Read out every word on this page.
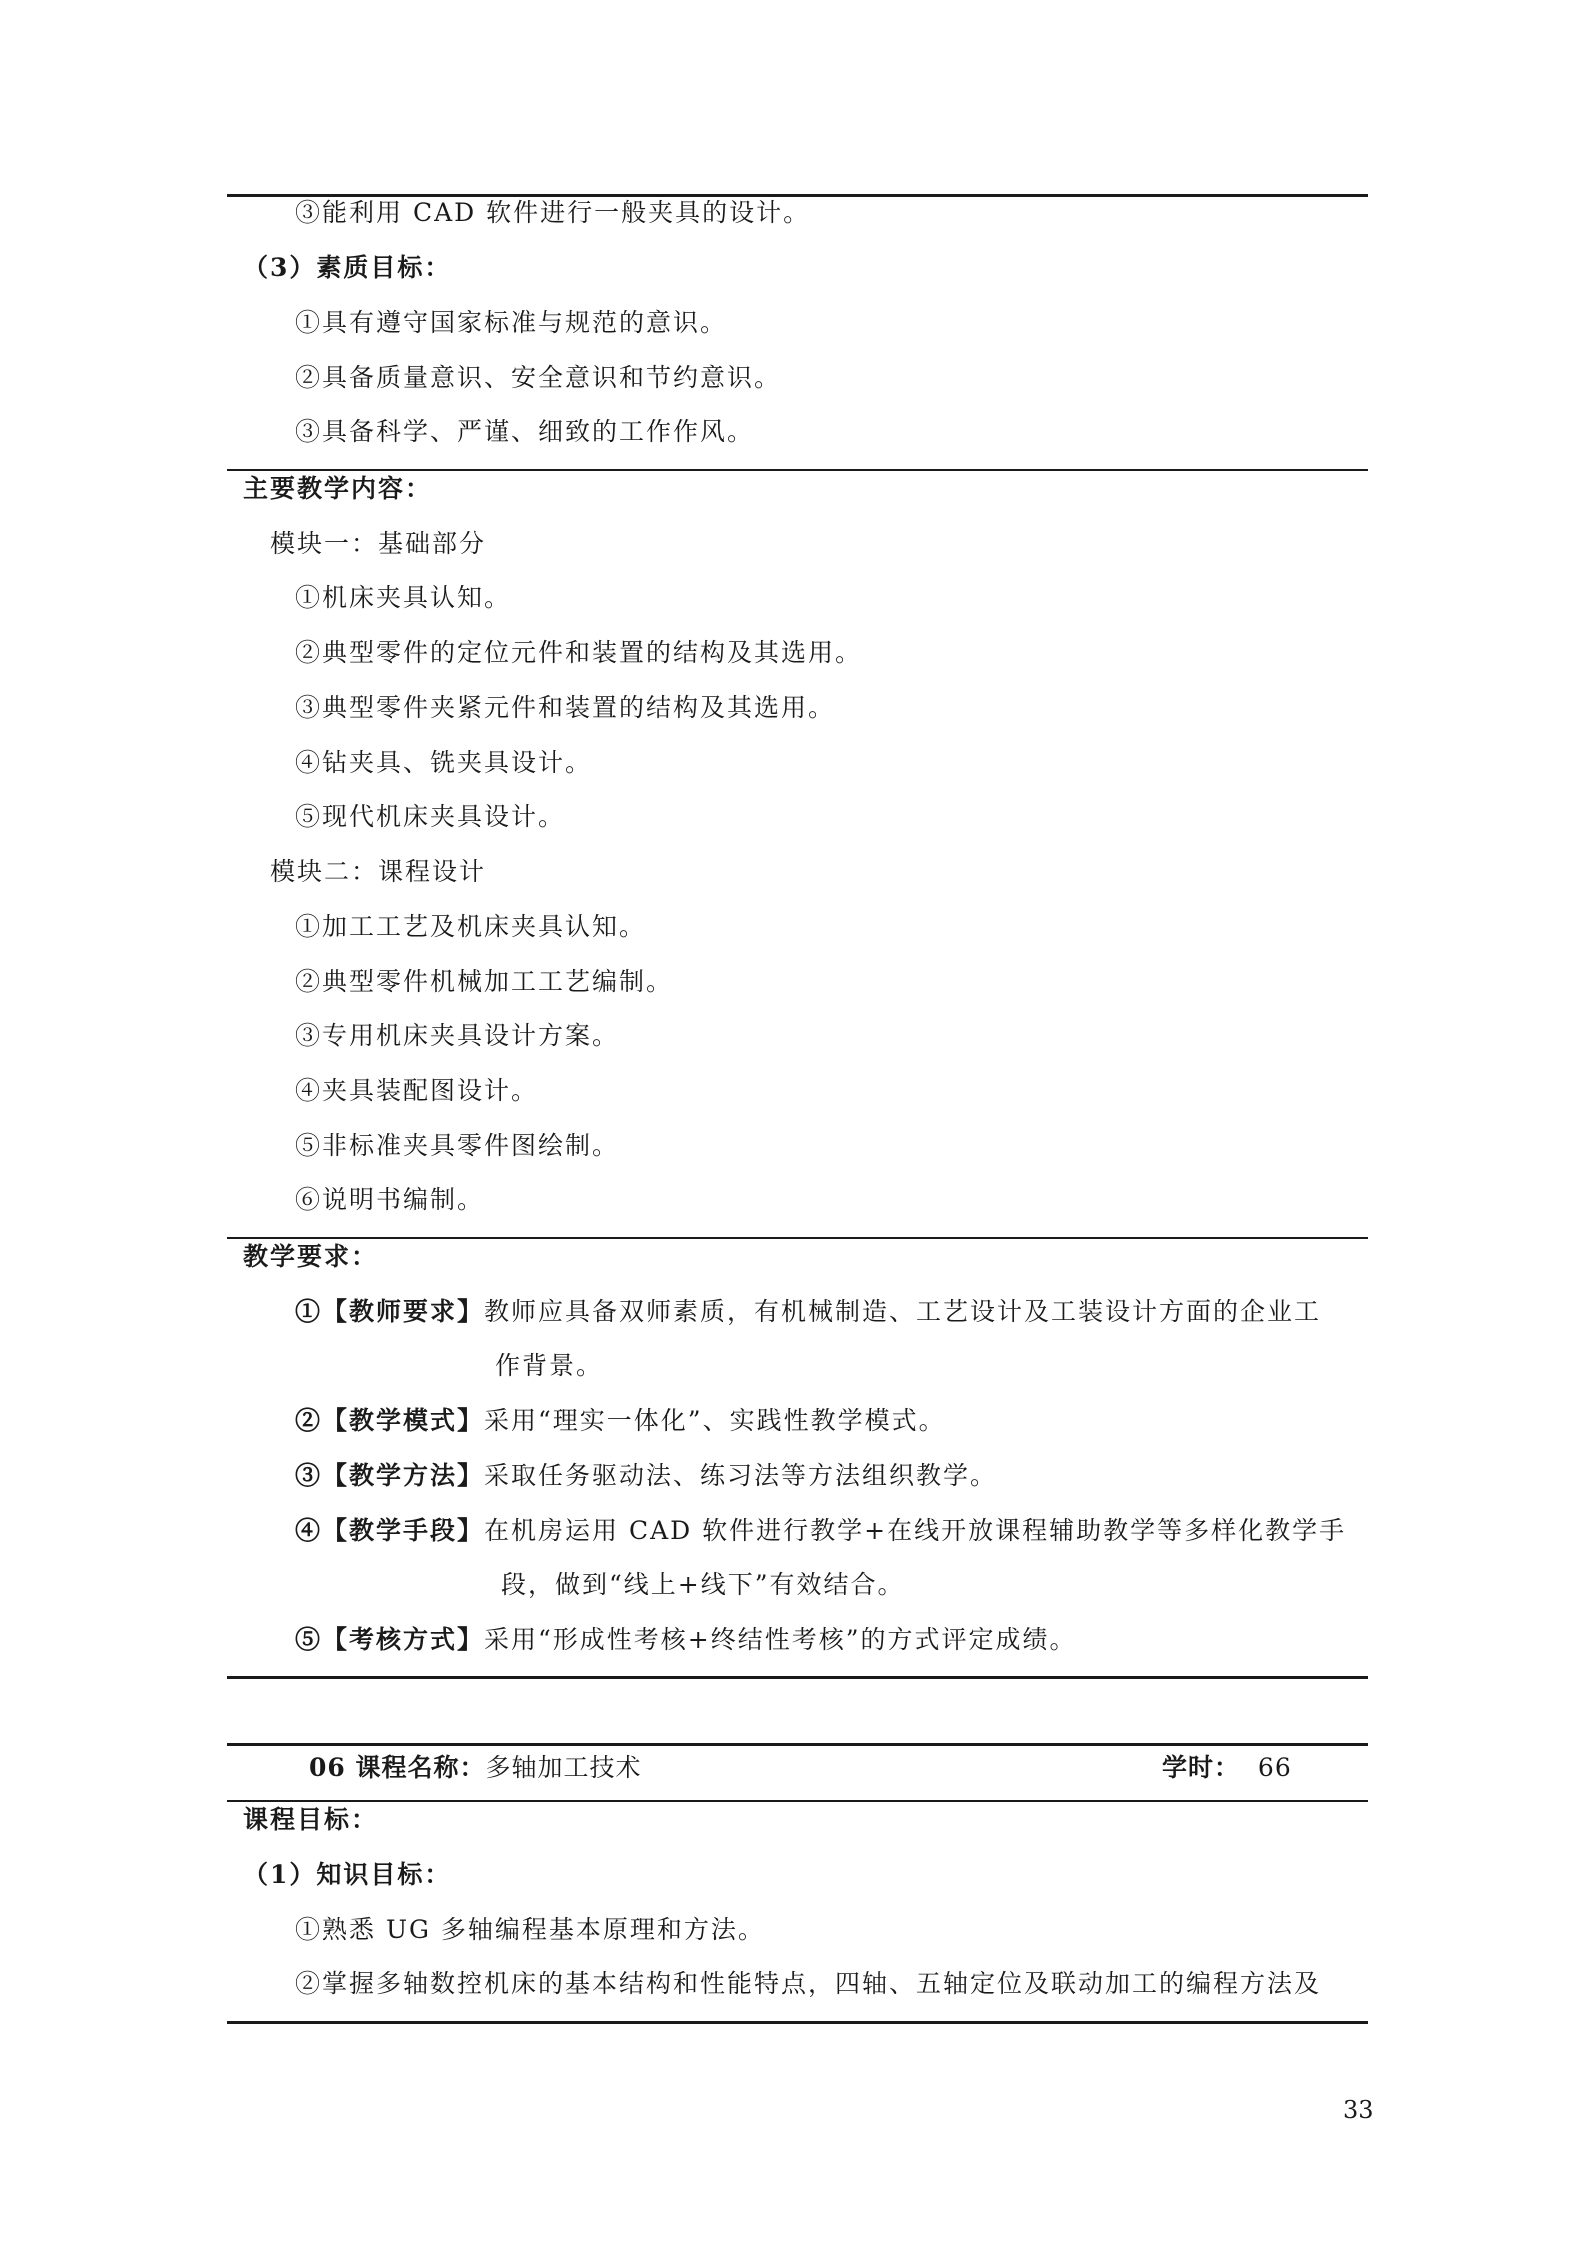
③能利用 CAD 软件进行一般夹具的设计。
（3）素质目标：
①具有遵守国家标准与规范的意识。
②具备质量意识、安全意识和节约意识。
③具备科学、严谨、细致的工作作风。
主要教学内容：
模块一：基础部分
①机床夹具认知。
②典型零件的定位元件和装置的结构及其选用。
③典型零件夹紧元件和装置的结构及其选用。
④钻夹具、铣夹具设计。
⑤现代机床夹具设计。
模块二：课程设计
①加工工艺及机床夹具认知。
②典型零件机械加工工艺编制。
③专用机床夹具设计方案。
④夹具装配图设计。
⑤非标准夹具零件图绘制。
⑥说明书编制。
教学要求：
①【教师要求】教师应具备双师素质，有机械制造、工艺设计及工装设计方面的企业工
作背景。
②【教学模式】采用“理实一体化”、实践性教学模式。
③【教学方法】采取任务驱动法、练习法等方法组织教学。
④【教学手段】在机房运用 CAD 软件进行教学+在线开放课程辅助教学等多样化教学手
段，做到“线上+线下”有效结合。
⑤【考核方式】采用“形成性考核+终结性考核”的方式评定成绩。
06 课程名称：多轴加工技术	学时： 66
课程目标：
（1）知识目标：
①熟悉 UG 多轴编程基本原理和方法。
②掌握多轴数控机床的基本结构和性能特点，四轴、五轴定位及联动加工的编程方法及
33
